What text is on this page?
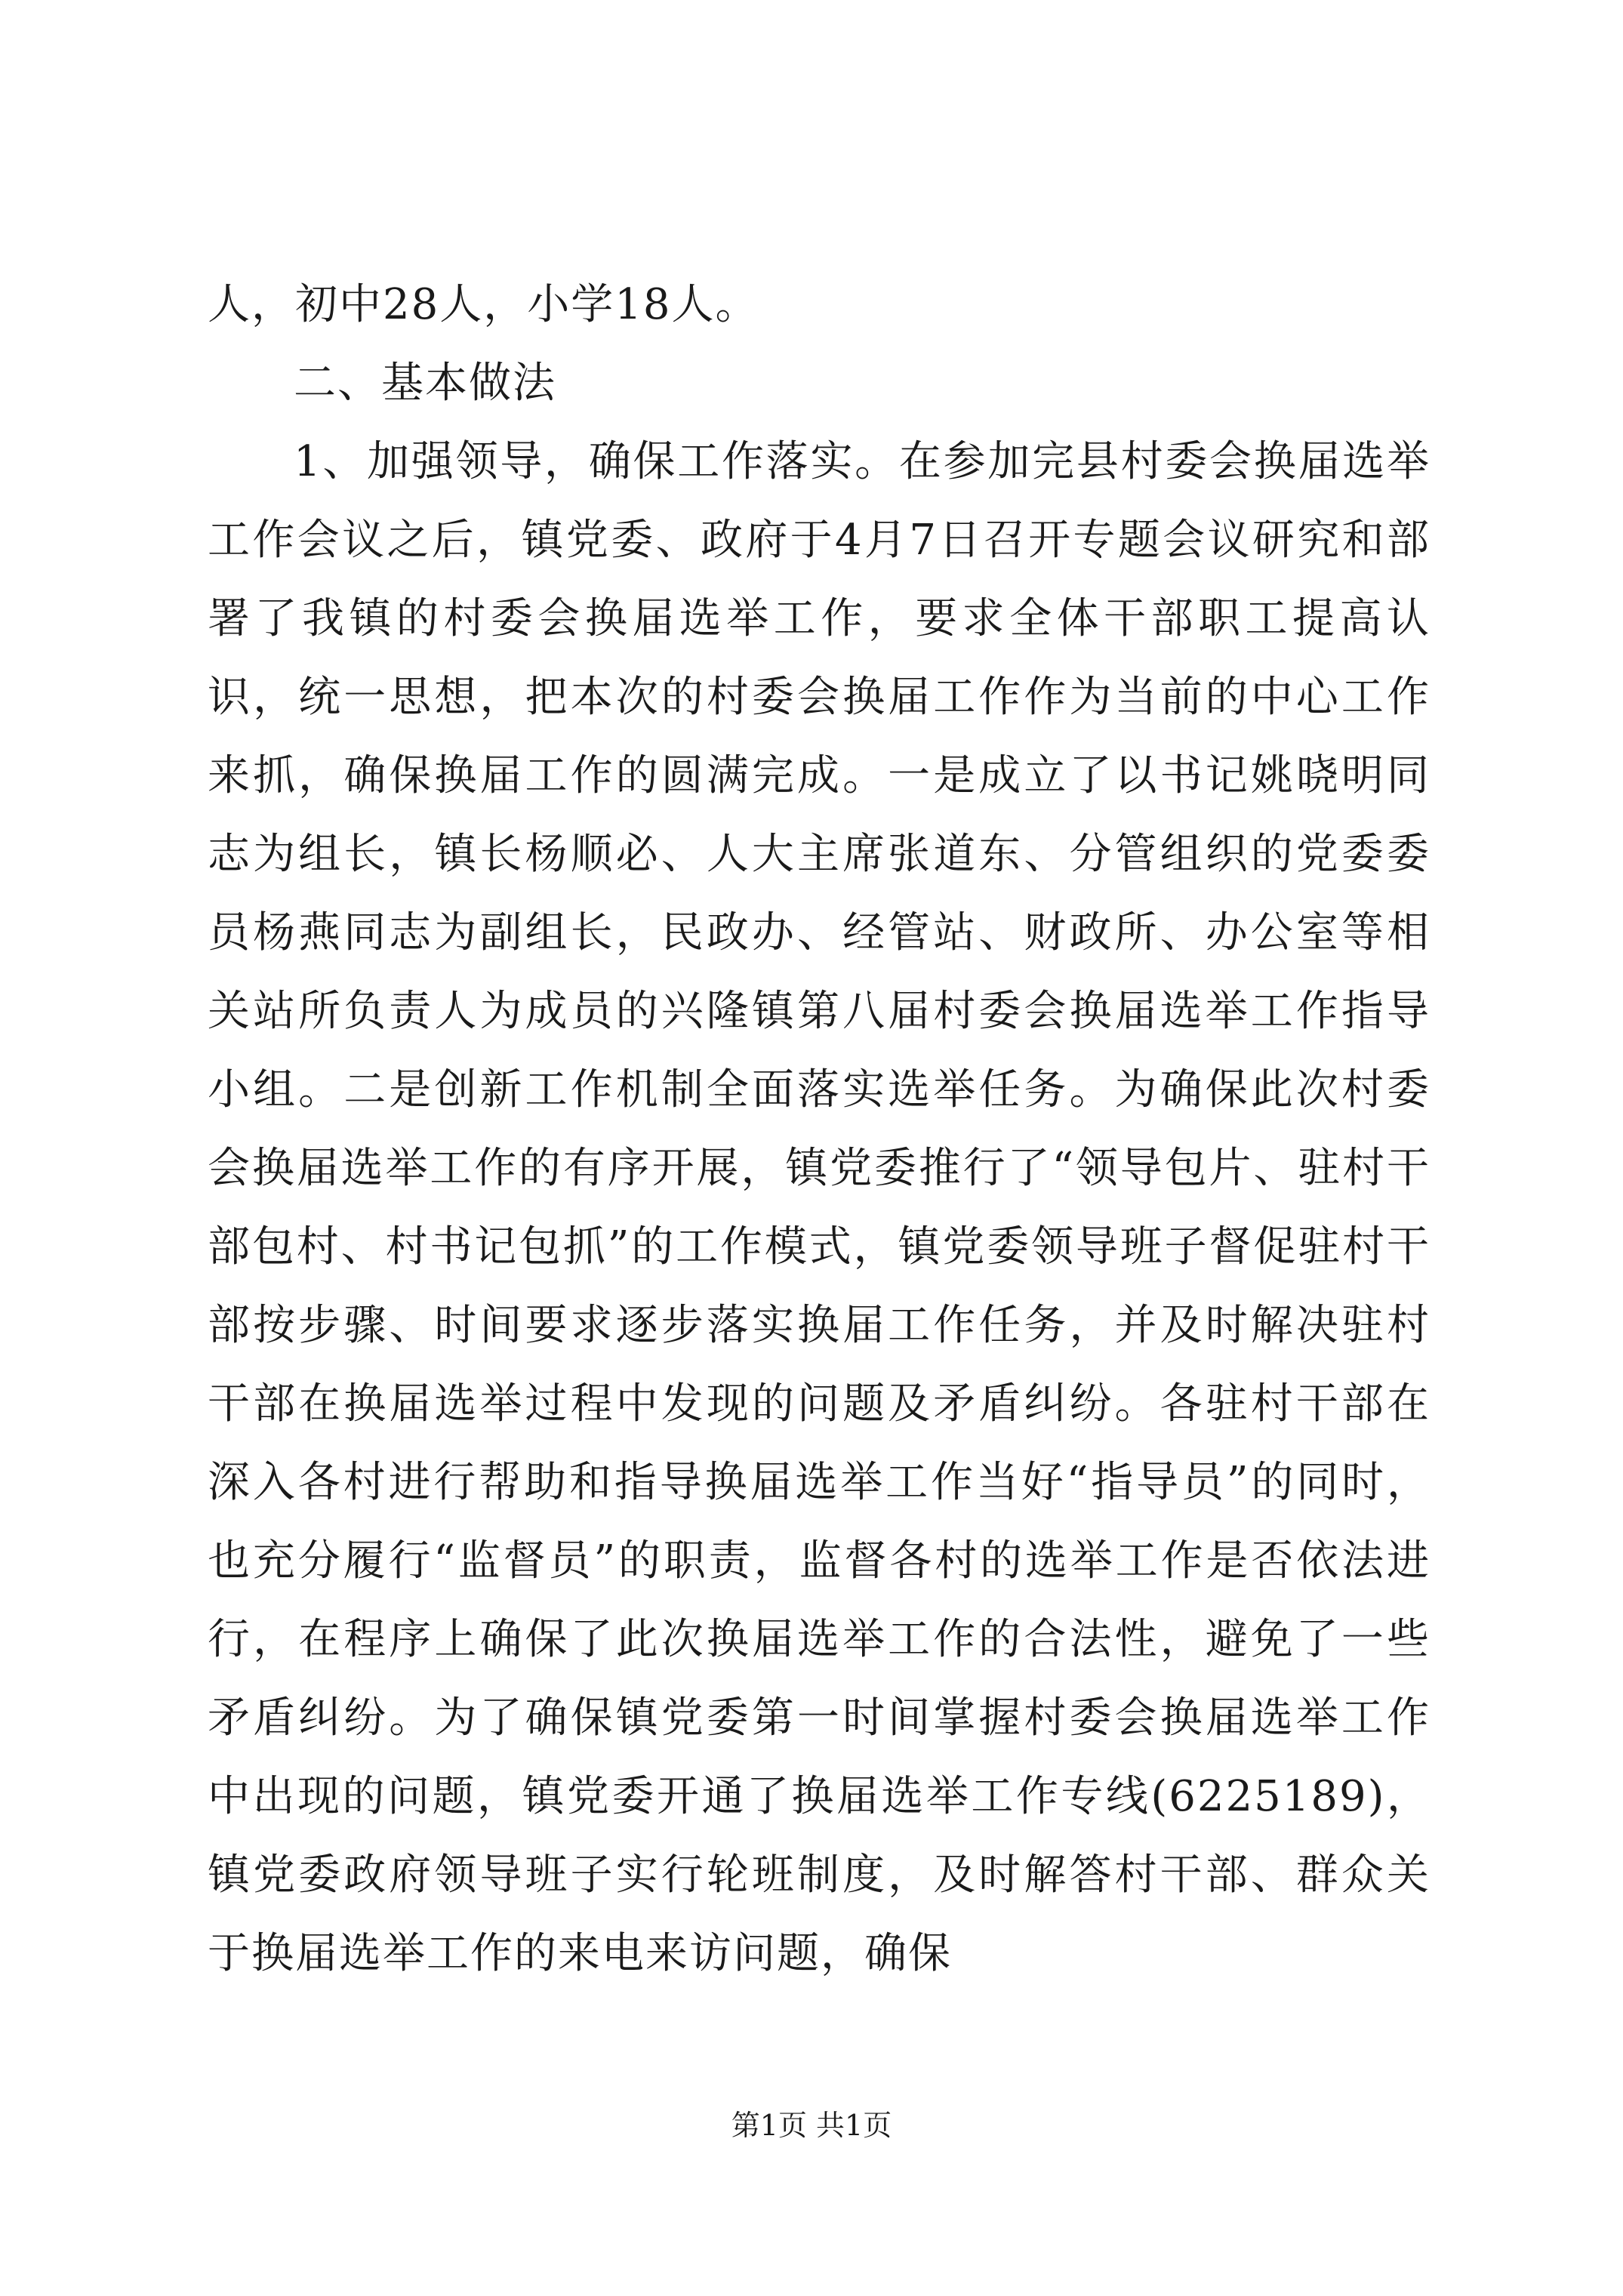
人，初中28人，小学18人。

二、基本做法

1、加强领导，确保工作落实。在参加完县村委会换届选举工作会议之后，镇党委、政府于4月7日召开专题会议研究和部署了我镇的村委会换届选举工作，要求全体干部职工提高认识，统一思想，把本次的村委会换届工作作为当前的中心工作来抓，确保换届工作的圆满完成。一是成立了以书记姚晓明同志为组长，镇长杨顺必、人大主席张道东、分管组织的党委委员杨燕同志为副组长，民政办、经管站、财政所、办公室等相关站所负责人为成员的兴隆镇第八届村委会换届选举工作指导小组。二是创新工作机制全面落实选举任务。为确保此次村委会换届选举工作的有序开展，镇党委推行了“领导包片、驻村干部包村、村书记包抓”的工作模式，镇党委领导班子督促驻村干部按步骤、时间要求逐步落实换届工作任务，并及时解决驻村干部在换届选举过程中发现的问题及矛盾纠纷。各驻村干部在深入各村进行帮助和指导换届选举工作当好“指导员”的同时，也充分履行“监督员”的职责，监督各村的选举工作是否依法进行，在程序上确保了此次换届选举工作的合法性，避免了一些矛盾纠纷。为了确保镇党委第一时间掌握村委会换届选举工作中出现的问题，镇党委开通了换届选举工作专线(6225189)，镇党委政府领导班子实行轮班制度，及时解答村干部、群众关于换届选举工作的来电来访问题，确保

第1页 共1页
